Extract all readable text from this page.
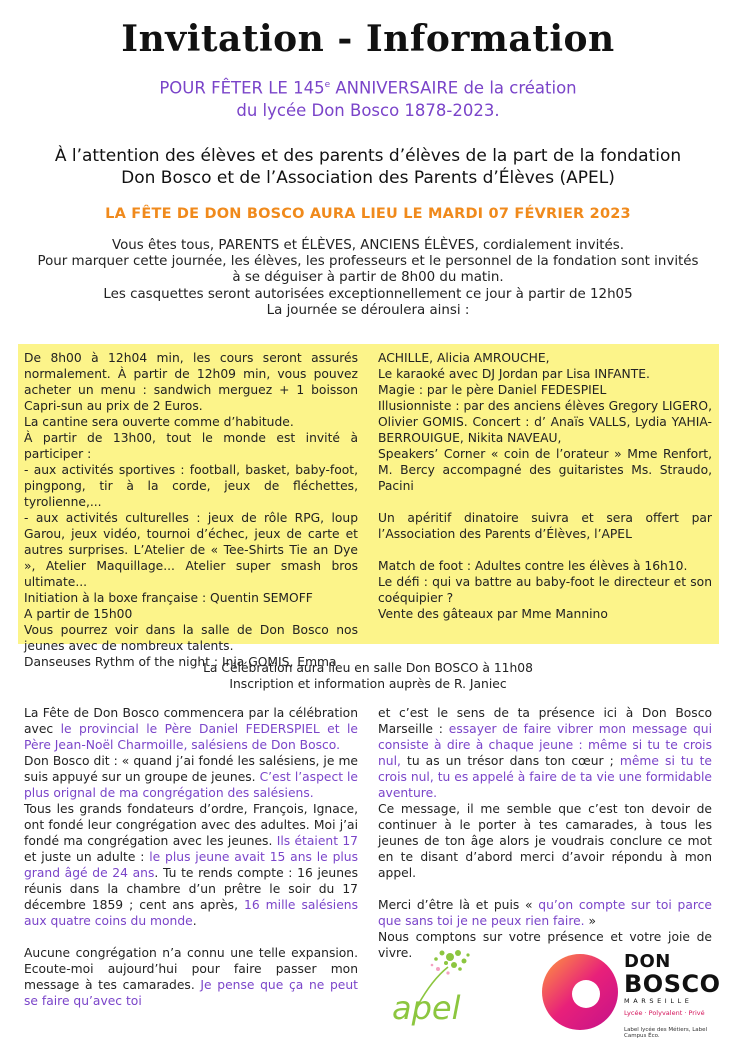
Invitation - Information
POUR FÊTER LE 145e ANNIVERSAIRE de la création
du lycée Don Bosco 1878-2023.
À l’attention des élèves et des parents d’élèves de la part de la fondation
Don Bosco et de l’Association des Parents d’Élèves (APEL)
LA FÊTE DE DON BOSCO AURA LIEU LE MARDI 07 FÉVRIER 2023
Vous êtes tous, PARENTS et ÉLÈVES, ANCIENS ÉLÈVES, cordialement invités.
Pour marquer cette journée, les élèves, les professeurs et le personnel de la fondation sont invités
à se déguiser à partir de 8h00 du matin.
Les casquettes seront autorisées exceptionnellement ce jour à partir de 12h05
La journée se déroulera ainsi :

De 8h00 à 12h04 min, les cours seront assurés normalement. À partir de 12h09 min, vous pouvez acheter un menu : sandwich merguez + 1 boisson Capri-sun au prix de 2 Euros.

La cantine sera ouverte comme d’habitude.

À partir de 13h00, tout le monde est invité à participer :

- aux activités sportives : football, basket, baby-foot, pingpong, tir à la corde, jeux de fléchettes, tyrolienne,...

- aux activités culturelles : jeux de rôle RPG, loup Garou, jeux vidéo, tournoi d’échec, jeux de carte et autres surprises. L’Atelier de « Tee-Shirts Tie an Dye », Atelier Maquillage... Atelier super smash bros ultimate...

Initiation à la boxe française : Quentin SEMOFF

A partir de 15h00

Vous pourrez voir dans la salle de Don Bosco nos jeunes avec de nombreux talents.

Danseuses Rythm of the night : Inja GOMIS, Emma

ACHILLE, Alicia AMROUCHE,

Le karaoké avec DJ Jordan par Lisa INFANTE.

Magie : par le père Daniel FEDESPIEL

Illusionniste : par des anciens élèves Gregory LIGERO, Olivier GOMIS. Concert : d’ Anaïs VALLS, Lydia YAHIA-BERROUIGUE, Nikita NAVEAU,

Speakers’ Corner « coin de l’orateur » Mme Renfort, M. Bercy accompagné des guitaristes Ms. Straudo, Pacini

Un apéritif dinatoire suivra et sera offert par l’Association des Parents d’Élèves, l’APEL

Match de foot : Adultes contre les élèves à 16h10.

Le défi : qui va battre au baby-foot le directeur et son coéquipier ?

Vente des gâteaux par Mme Mannino

La Célébration aura lieu en salle Don BOSCO à 11h08
Inscription et information auprès de R. Janiec

La Fête de Don Bosco commencera par la célébration avec le provincial le Père Daniel FEDERSPIEL et le Père Jean-Noël Charmoille, salésiens de Don Bosco.

Don Bosco dit : « quand j’ai fondé les salésiens, je me suis appuyé sur un groupe de jeunes. C’est l’aspect le plus orignal de ma congrégation des salésiens.

Tous les grands fondateurs d’ordre, François, Ignace, ont fondé leur congrégation avec des adultes. Moi j’ai fondé ma congrégation avec les jeunes. Ils étaient 17 et juste un adulte : le plus jeune avait 15 ans le plus grand âgé de 24 ans. Tu te rends compte : 16 jeunes réunis dans la chambre d’un prêtre le soir du 17 décembre 1859 ; cent ans après, 16 mille salésiens aux quatre coins du monde.

Aucune congrégation n’a connu une telle expansion. Ecoute-moi aujourd’hui pour faire passer mon message à tes camarades. Je pense que ça ne peut se faire qu’avec toi

et c’est le sens de ta présence ici à Don Bosco Marseille : essayer de faire vibrer mon message qui consiste à dire à chaque jeune : même si tu te crois nul, tu as un trésor dans ton cœur ; même si tu te crois nul, tu es appelé à faire de ta vie une formidable aventure.

Ce message, il me semble que c’est ton devoir de continuer à le porter à tes camarades, à tous les jeunes de ton âge alors je voudrais conclure ce mot en te disant d’abord merci d’avoir répondu à mon appel.

Merci d’être là et puis « qu’on compte sur toi parce que sans toi je ne peux rien faire. »

Nous comptons sur votre présence et votre joie de vivre.

apel
DON
BOSCO
MARSEILLE
Lycée · Polyvalent · Privé
Label lycée des Métiers, Label Campus Éco.
